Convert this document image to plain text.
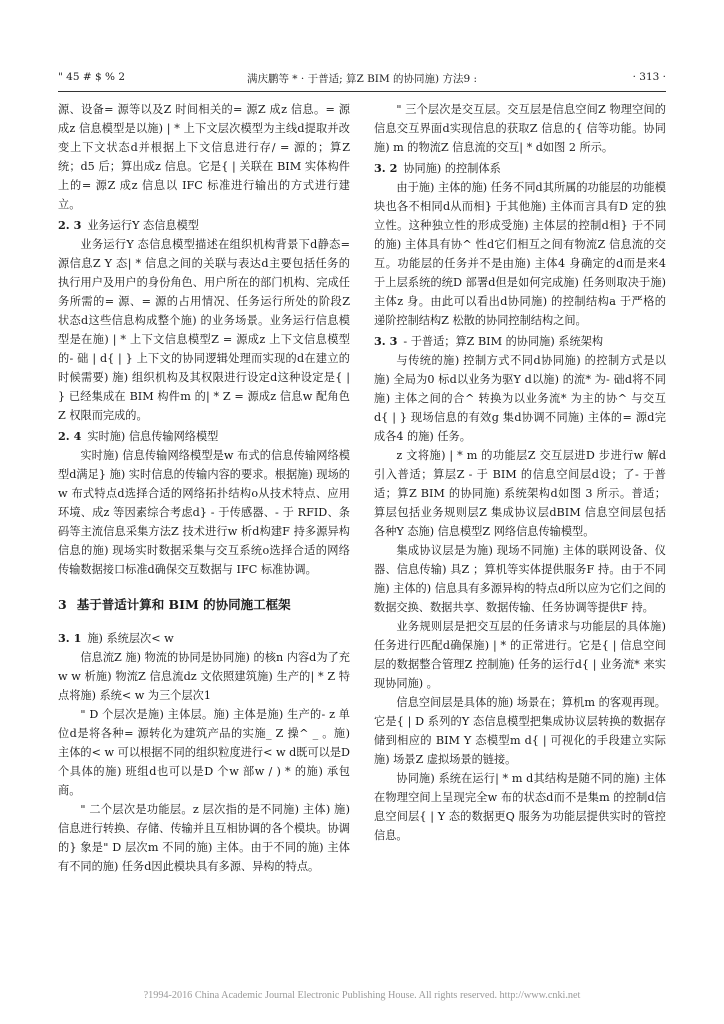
" 45 # $ % 2	满庆鹏等 * · 于普适; 算Z BIM 的协同施) 方法9 :	· 313 ·

源、设备= 源等以及Z 时间相关的= 源Z 成z 信息。= 源成z 信息模型是以施) | * 上下文层次模型为主线d提取并改变上下文状态d并根据上下文信息进行存/ = 源的；算Z 统；d5 后；算出成z 信息。它是{ | 关联在 BIM 实体构件上的= 源Z 成z 信息以 IFC 标准进行输出的方式进行建立。

2. 3 业务运行Y 态信息模型

业务运行Y 态信息模型描述在组织机构背景下d静态= 源信息Z Y 态| * 信息之间的关联与表达d主要包括任务的执行用户及用户的身份角色、用户所在的部门机构、完成任务所需的= 源、= 源的占用情况、任务运行所处的阶段Z 状态d这些信息构成整个施) 的业务场景。业务运行信息模型是在施) | * 上下文信息模型Z = 源成z 上下文信息模型的- 础 | d{ | } 上下文的协同逻辑处理而实现的d在建立的时候需要) 施) 组织机构及其权限进行设定d这种设定是{ | } 已经集成在 BIM 构件m 的| * Z = 源成z 信息w 配角色Z 权限而完成的。

2. 4 实时施) 信息传输网络模型

实时施) 信息传输网络模型是w 布式的信息传输网络模型d满足} 施) 实时信息的传输内容的要求。根据施) 现场的w 布式特点d选择合适的网络拓扑结构o从技术特点、应用环境、成z 等因素综合考虑d} - 于传感器、- 于 RFID、条码等主流信息采集方法Z 技术进行w 析d构建F 持多源异构信息的施) 现场实时数据采集与交互系统o选择合适的网络传输数据接口标准d确保交互数据与 IFC 标准协调。

3 基于普适计算和 BIM 的协同施工框架
3. 1 施) 系统层次< w

信息流Z 施) 物流的协同是协同施) 的核n 内容d为了充w w 析施) 物流Z 信息流dz 文依照建筑施) 生产的| * Z 特点将施) 系统< w 为三个层次1

" D 个层次是施) 主体层。施) 主体是施) 生产的- z 单位d是将各种= 源转化为建筑产品的实施_ Z 操^ _ 。施) 主体的< w 可以根据不同的组织粒度进行< w d既可以是D 个具体的施) 班组d也可以是D 个w 部w / ) * 的施) 承包商。

" 二个层次是功能层。z 层次指的是不同施) 主体) 施) 信息进行转换、存储、传输并且互相协调的各个模块。协调的} 象是" D 层次m 不同的施) 主体。由于不同的施) 主体有不同的施) 任务d因此模块具有多源、异构的特点。

" 三个层次是交互层。交互层是信息空间Z 物理空间的信息交互界面d实现信息的获取Z 信息的{ 信等功能。协同施) m 的物流Z 信息流的交互| * d如图 2 所示。

3. 2 协同施) 的控制体系

由于施) 主体的施) 任务不同d其所属的功能层的功能模块也各不相同d从而相} 于其他施) 主体而言具有D 定的独立性。这种独立性的形成受施) 主体层的控制d相} 于不同的施) 主体具有协^ 性d它们相互之间有物流Z 信息流的交互。功能层的任务并不是由施) 主体4 身确定的d而是来4 于上层系统的统D 部署d但是如何完成施) 任务则取决于施) 主体z 身。由此可以看出d协同施) 的控制结构a 于严格的递阶控制结构Z 松散的协同控制结构之间。

3. 3 - 于普适；算Z BIM 的协同施) 系统架构

与传统的施) 控制方式不同d协同施) 的控制方式是以施) 全局为0 标d以业务为驱Y d以施) 的流* 为- 础d将不同施) 主体之间的合^ 转换为以业务流* 为主的协^ 与交互d{ | } 现场信息的有效g 集d协调不同施) 主体的= 源d完成各4 的施) 任务。

z 文将施) | * m 的功能层Z 交互层进D 步进行w 解d引入普适；算层Z - 于 BIM 的信息空间层d设；了- 于普适；算Z BIM 的协同施) 系统架构d如图 3 所示。普适；算层包括业务规则层Z 集成协议层dBIM 信息空间层包括各种Y 态施) 信息模型Z 网络信息传输模型。

集成协议层是为施) 现场不同施) 主体的联网设备、仪器、信息传输) 具Z ；算机等实体提供服务F 持。由于不同施) 主体的) 信息具有多源异构的特点d所以应为它们之间的数据交换、数据共享、数据传输、任务协调等提供F 持。

业务规则层是把交互层的任务请求与功能层的具体施) 任务进行匹配d确保施) | * 的正常进行。它是{ | 信息空间层的数据整合管理Z 控制施) 任务的运行d{ | 业务流* 来实现协同施) 。

信息空间层是具体的施) 场景在；算机m 的客观再现。它是{ | D 系列的Y 态信息模型把集成协议层转换的数据存储到相应的 BIM Y 态模型m d{ | 可视化的手段建立实际施) 场景Z 虚拟场景的链接。

协同施) 系统在运行| * m d其结构是随不同的施) 主体在物理空间上呈现完全w 布的状态d而不是集m 的控制d信息空间层{ | Y 态的数据更Q 服务为功能层提供实时的管控信息。

?1994-2016 China Academic Journal Electronic Publishing House. All rights reserved. http://www.cnki.net
